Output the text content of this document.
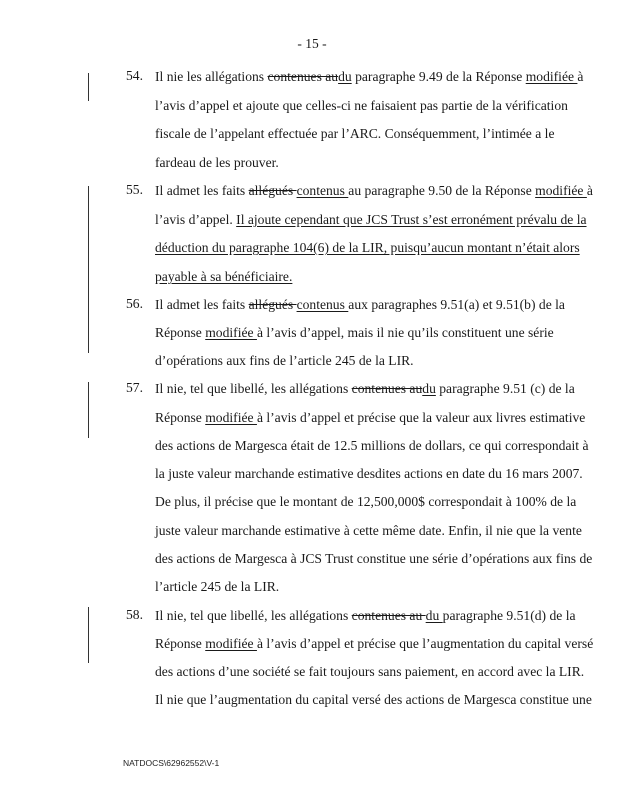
- 15 -
54. Il nie les allégations contenues audu paragraphe 9.49 de la Réponse modifiée à
l’avis d’appel et ajoute que celles-ci ne faisaient pas partie de la vérification
fiscale de l’appelant effectuée par l’ARC. Conséquemment, l’intimée a le
fardeau de les prouver.
55. Il admet les faits allégués contenus au paragraphe 9.50 de la Réponse modifiée à
l’avis d’appel. Il ajoute cependant que JCS Trust s’est erronément prévalu de la
déduction du paragraphe 104(6) de la LIR, puisqu’aucun montant n’était alors
payable à sa bénéficiaire.
56. Il admet les faits allégués contenus aux paragraphes 9.51(a) et 9.51(b) de la
Réponse modifiée à l’avis d’appel, mais il nie qu’ils constituent une série
d’opérations aux fins de l’article 245 de la LIR.
57. Il nie, tel que libellé, les allégations contenues audu paragraphe 9.51 (c) de la
Réponse modifiée à l’avis d’appel et précise que la valeur aux livres estimative
des actions de Margesca était de 12.5 millions de dollars, ce qui correspondait à
la juste valeur marchande estimative desdites actions en date du 16 mars 2007.
De plus, il précise que le montant de 12,500,000$ correspondait à 100% de la
juste valeur marchande estimative à cette même date. Enfin, il nie que la vente
des actions de Margesca à JCS Trust constitue une série d’opérations aux fins de
l’article 245 de la LIR.
58. Il nie, tel que libellé, les allégations contenues au du paragraphe 9.51(d) de la
Réponse modifiée à l’avis d’appel et précise que l’augmentation du capital versé
des actions d’une société se fait toujours sans paiement, en accord avec la LIR.
Il nie que l’augmentation du capital versé des actions de Margesca constitue une
NATDOCS\62962552\V-1
